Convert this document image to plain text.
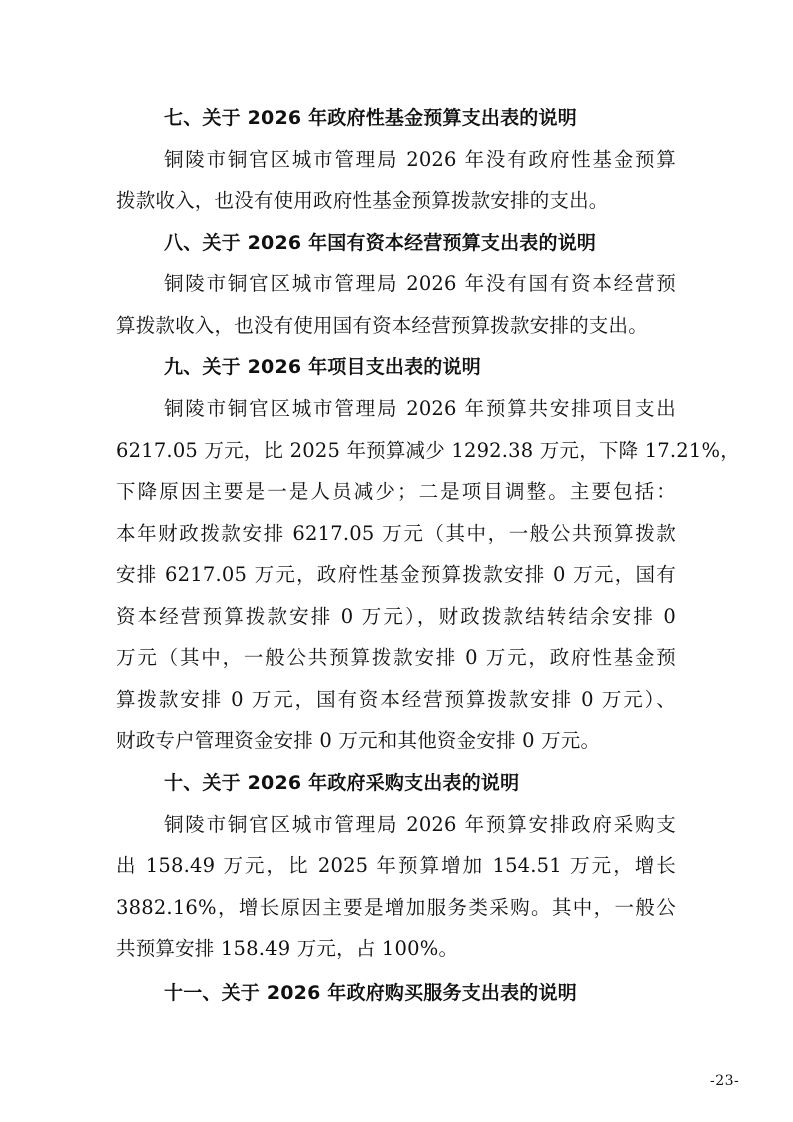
七、关于 2026 年政府性基金预算支出表的说明
铜陵市铜官区城市管理局 2026 年没有政府性基金预算
拨款收入，也没有使用政府性基金预算拨款安排的支出。
八、关于 2026 年国有资本经营预算支出表的说明
铜陵市铜官区城市管理局 2026 年没有国有资本经营预
算拨款收入，也没有使用国有资本经营预算拨款安排的支出。
九、关于 2026 年项目支出表的说明
铜陵市铜官区城市管理局 2026 年预算共安排项目支出
6217.05 万元，比 2025 年预算减少 1292.38 万元，下降 17.21%，
下降原因主要是一是人员减少；二是项目调整。主要包括：
本年财政拨款安排 6217.05 万元（其中，一般公共预算拨款
安排 6217.05 万元，政府性基金预算拨款安排 0 万元，国有
资本经营预算拨款安排 0 万元），财政拨款结转结余安排 0
万元（其中，一般公共预算拨款安排 0 万元，政府性基金预
算拨款安排 0 万元，国有资本经营预算拨款安排 0 万元）、
财政专户管理资金安排 0 万元和其他资金安排 0 万元。
十、关于 2026 年政府采购支出表的说明
铜陵市铜官区城市管理局 2026 年预算安排政府采购支
出 158.49 万元，比 2025 年预算增加 154.51 万元，增长
3882.16%，增长原因主要是增加服务类采购。其中，一般公
共预算安排 158.49 万元，占 100%。
十一、关于 2026 年政府购买服务支出表的说明
-23-
